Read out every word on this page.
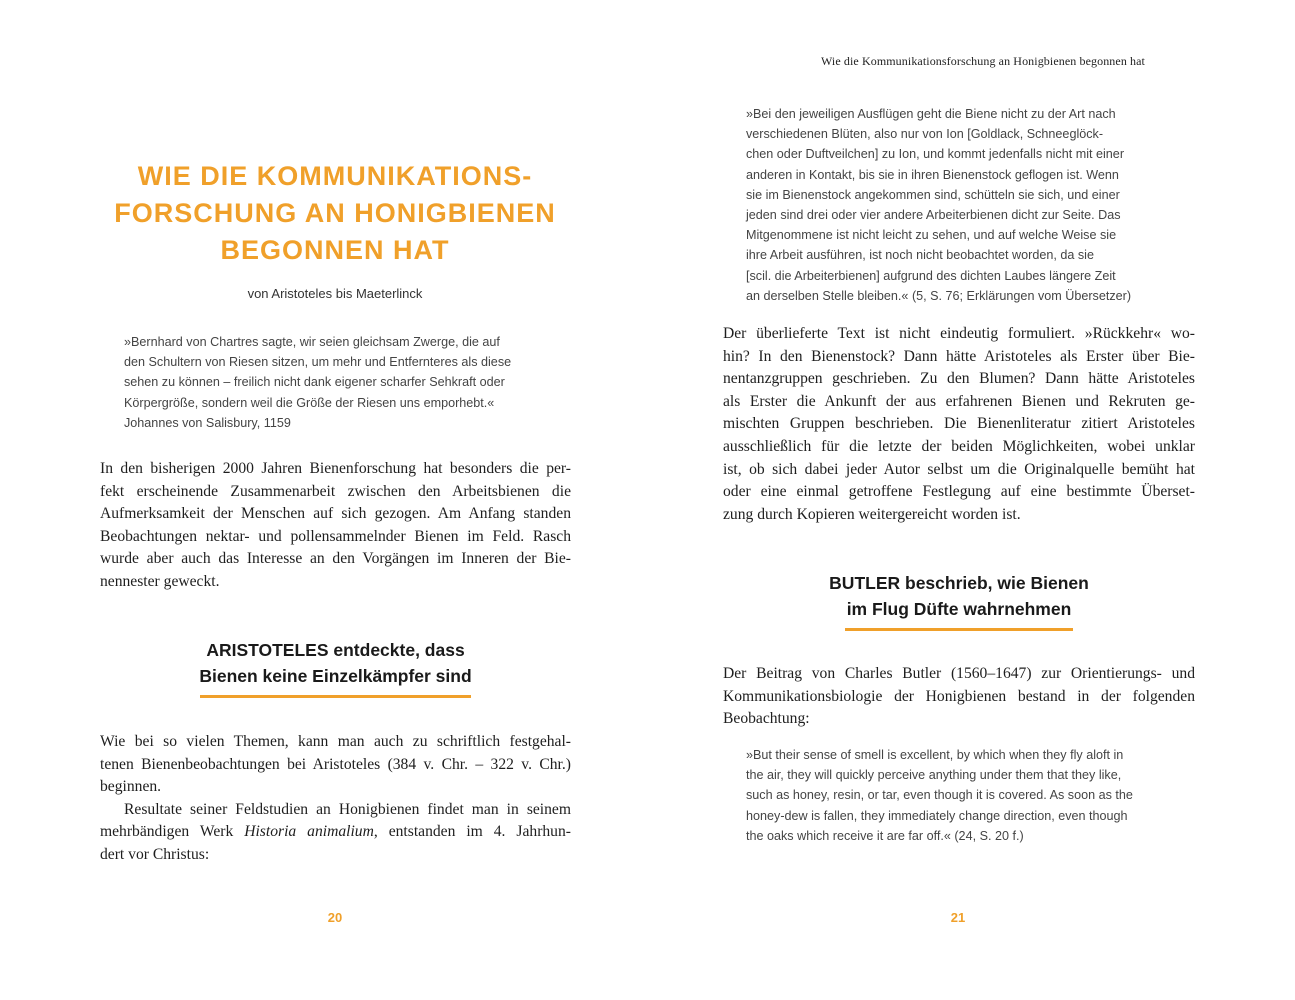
WIE DIE KOMMUNIKATIONS-
FORSCHUNG AN HONIGBIENEN
BEGONNEN HAT
von Aristoteles bis Maeterlinck
»Bernhard von Chartres sagte, wir seien gleichsam Zwerge, die auf
den Schultern von Riesen sitzen, um mehr und Entfernteres als diese
sehen zu können – freilich nicht dank eigener scharfer Sehkraft oder
Körpergröße, sondern weil die Größe der Riesen uns emporhebt.«
Johannes von Salisbury, 1159
In den bisherigen 2000 Jahren Bienenforschung hat besonders die per-
fekt erscheinende Zusammenarbeit zwischen den Arbeitsbienen die
Aufmerksamkeit der Menschen auf sich gezogen. Am Anfang standen
Beobachtungen nektar- und pollensammelnder Bienen im Feld. Rasch
wurde aber auch das Interesse an den Vorgängen im Inneren der Bie-
nennester geweckt.
ARISTOTELES entdeckte, dass
Bienen keine Einzelkämpfer sind
Wie bei so vielen Themen, kann man auch zu schriftlich festgehal-
tenen Bienenbeobachtungen bei Aristoteles (384 v. Chr. – 322 v. Chr.)
beginnen.
Resultate seiner Feldstudien an Honigbienen findet man in seinem
mehrbändigen Werk Historia animalium, entstanden im 4. Jahrhun-
dert vor Christus:
20
Wie die Kommunikationsforschung an Honigbienen begonnen hat
»Bei den jeweiligen Ausflügen geht die Biene nicht zu der Art nach
verschiedenen Blüten, also nur von Ion [Goldlack, Schneeglöck-
chen oder Duftveilchen] zu Ion, und kommt jedenfalls nicht mit einer
anderen in Kontakt, bis sie in ihren Bienenstock geflogen ist. Wenn
sie im Bienenstock angekommen sind, schütteln sie sich, und einer
jeden sind drei oder vier andere Arbeiterbienen dicht zur Seite. Das
Mitgenommene ist nicht leicht zu sehen, und auf welche Weise sie
ihre Arbeit ausführen, ist noch nicht beobachtet worden, da sie
[scil. die Arbeiterbienen] aufgrund des dichten Laubes längere Zeit
an derselben Stelle bleiben.« (5, S. 76; Erklärungen vom Übersetzer)
Der überlieferte Text ist nicht eindeutig formuliert. »Rückkehr« wo-
hin? In den Bienenstock? Dann hätte Aristoteles als Erster über Bie-
nentanzgruppen geschrieben. Zu den Blumen? Dann hätte Aristoteles
als Erster die Ankunft der aus erfahrenen Bienen und Rekruten ge-
mischten Gruppen beschrieben. Die Bienenliteratur zitiert Aristoteles
ausschließlich für die letzte der beiden Möglichkeiten, wobei unklar
ist, ob sich dabei jeder Autor selbst um die Originalquelle bemüht hat
oder eine einmal getroffene Festlegung auf eine bestimmte Überset-
zung durch Kopieren weitergereicht worden ist.
BUTLER beschrieb, wie Bienen
im Flug Düfte wahrnehmen
Der Beitrag von Charles Butler (1560–1647) zur Orientierungs- und
Kommunikationsbiologie der Honigbienen bestand in der folgenden
Beobachtung:
»But their sense of smell is excellent, by which when they fly aloft in
the air, they will quickly perceive anything under them that they like,
such as honey, resin, or tar, even though it is covered. As soon as the
honey-dew is fallen, they immediately change direction, even though
the oaks which receive it are far off.« (24, S. 20 f.)
21
